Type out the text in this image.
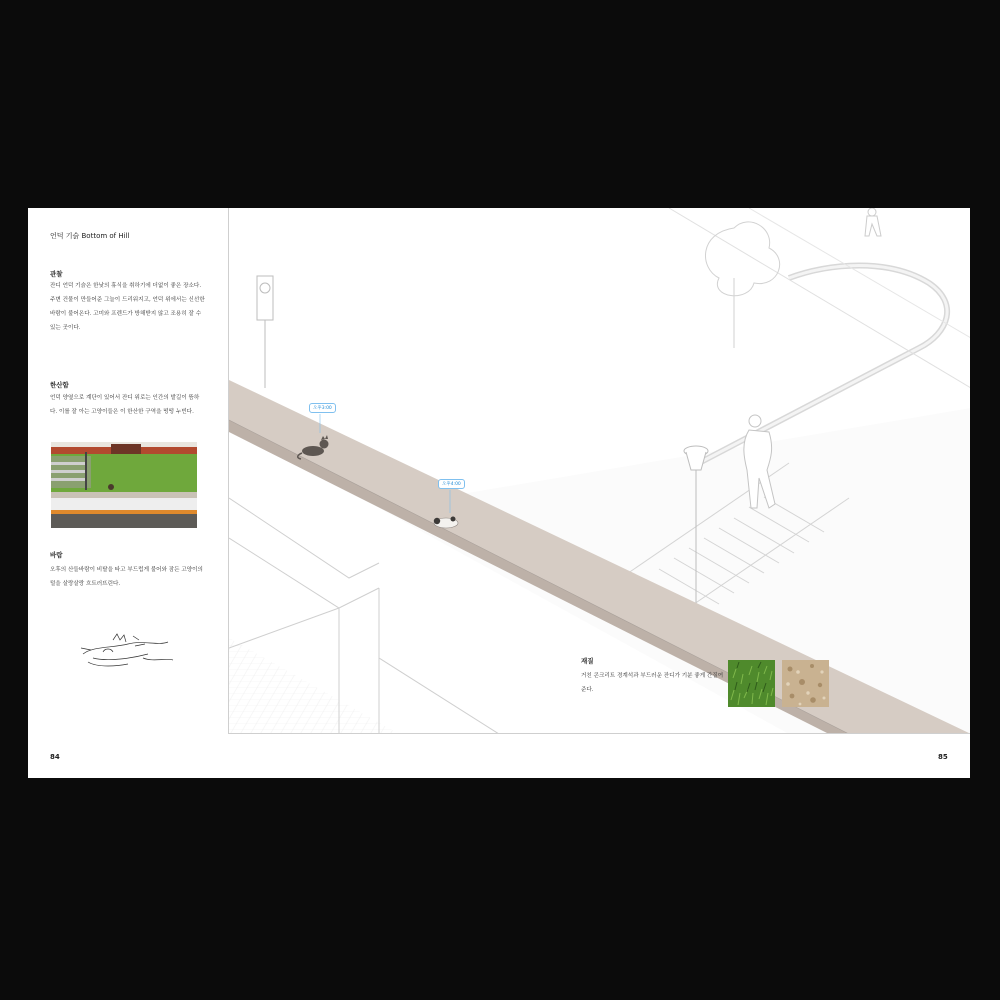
언덕 기슭 Bottom of Hill
관찰
잔디 언덕 기슭은 한낮의 휴식을 취하기에 더없이 좋은 장소다. 주변 건물이 만들어준 그늘이 드리워지고, 언덕 위에서는 신선한 바람이 불어온다. 고미와 프렌드가 방해받지 않고 조용히 잘 수 있는 곳이다.
한산함
언덕 양옆으로 계단이 있어서 잔디 위로는 인간의 발길이 뜸하다. 이를 잘 아는 고양이들은 이 한산한 구역을 떵떵 누빈다.
바람
오후의 산들바람이 비탈을 타고 부드럽게 불어와 잠든 고양이의 털을 살랑살랑 흐트러뜨린다.
84
오후3:00
오후4:00
재질
거친 콘크리트 경계석과 부드러운 잔디가 기분 좋게 간질여 준다.
85
